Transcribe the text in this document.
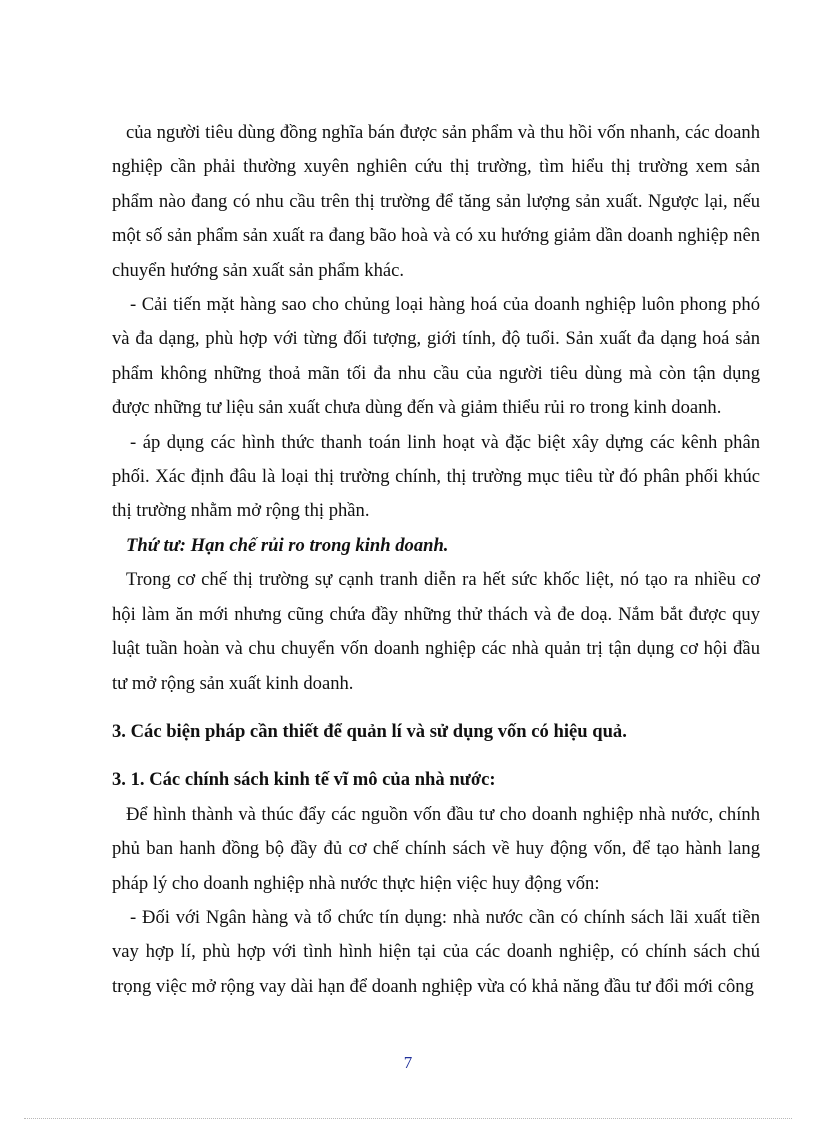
của người tiêu dùng đồng nghĩa bán được sản phẩm và thu hồi vốn nhanh, các doanh nghiệp cần phải thường xuyên nghiên cứu thị trường, tìm hiểu thị trường xem sản phẩm nào đang có nhu cầu trên thị trường để tăng sản lượng sản xuất. Ngược lại, nếu một số sản phẩm sản xuất ra đang bão hoà và có xu hướng giảm dần doanh nghiệp nên chuyển hướng sản xuất sản phẩm khác.

- Cải tiến mặt hàng sao cho chủng loại hàng hoá của doanh nghiệp luôn phong phó và đa dạng, phù hợp với từng đối tượng, giới tính, độ tuổi. Sản xuất đa dạng hoá sản phẩm không những thoả mãn tối đa nhu cầu của người tiêu dùng mà còn tận dụng được những tư liệu sản xuất chưa dùng đến và giảm thiểu rủi ro trong kinh doanh.

- áp dụng các hình thức thanh toán linh hoạt và đặc biệt xây dựng các kênh phân phối. Xác định đâu là loại thị trường chính, thị trường mục tiêu từ đó phân phối khúc thị trường nhằm mở rộng thị phần.

Thứ tư: Hạn chế rủi ro trong kinh doanh.

Trong cơ chế thị trường sự cạnh tranh diễn ra hết sức khốc liệt, nó tạo ra nhiều cơ hội làm ăn mới nhưng cũng chứa đầy những thử thách và đe doạ. Nắm bắt được quy luật tuần hoàn và chu chuyển vốn doanh nghiệp các nhà quản trị tận dụng cơ hội đầu tư mở rộng sản xuất kinh doanh.

3. Các biện pháp cần thiết để quản lí và sử dụng vốn có hiệu quả.

3. 1. Các chính sách kinh tế vĩ mô của nhà nước:

Để hình thành và thúc đẩy các nguồn vốn đầu tư cho doanh nghiệp nhà nước, chính phủ ban hanh đồng bộ đầy đủ cơ chế chính sách về huy động vốn, để tạo hành lang pháp lý cho doanh nghiệp nhà nước thực hiện việc huy động vốn:

- Đối với Ngân hàng và tổ chức tín dụng: nhà nước cần có chính sách lãi xuất tiền vay hợp lí, phù hợp với tình hình hiện tại của các doanh nghiệp, có chính sách chú trọng việc mở rộng vay dài hạn để doanh nghiệp vừa có khả năng đầu tư đổi mới công

7
